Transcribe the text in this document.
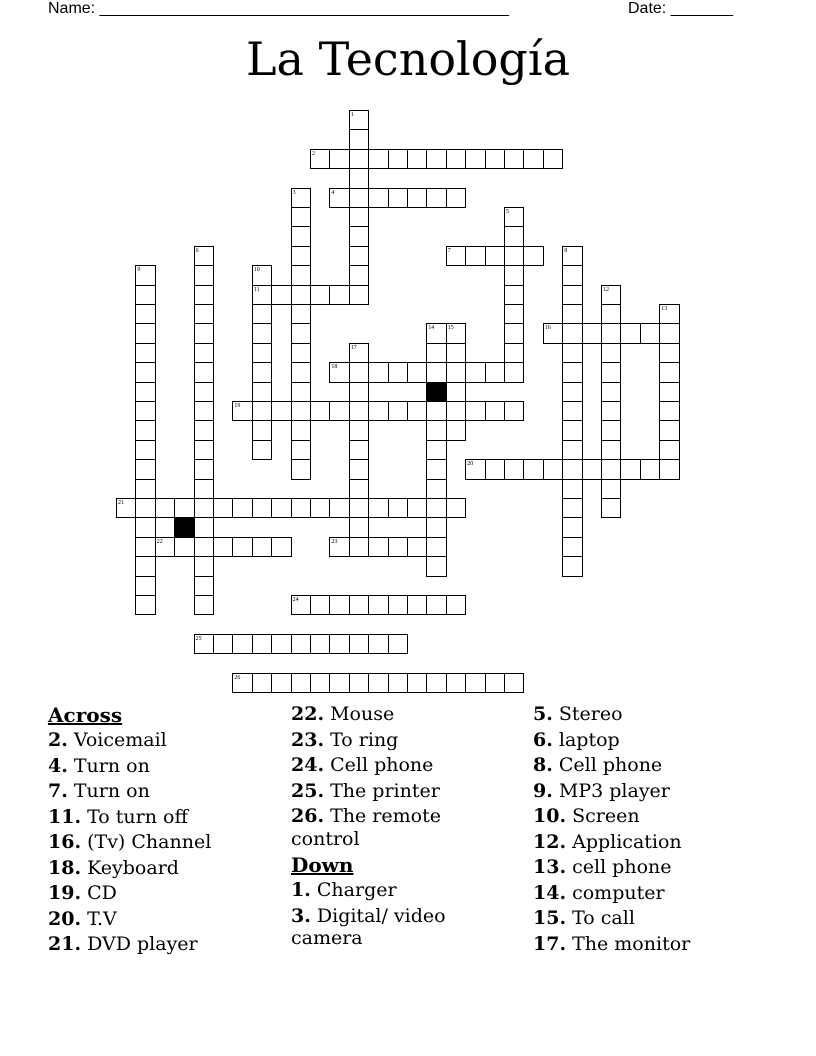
Name: ______________________________________________	Date: _______
La Tecnología
1
2
3	4
5
6	7	8
9	10
11	12
13
14 15	16
17
18
19
20
21
22	23
24
25
26
Across
2. Voicemail
4. Turn on
7. Turn on
11. To turn off
16. (Tv) Channel
18. Keyboard
19. CD
20. T.V
21. DVD player
22. Mouse
23. To ring
24. Cell phone
25. The printer
26. The remote
control
Down
1. Charger
3. Digital/ video
camera
5. Stereo
6. laptop
8. Cell phone
9. MP3 player
10. Screen
12. Application
13. cell phone
14. computer
15. To call
17. The monitor
